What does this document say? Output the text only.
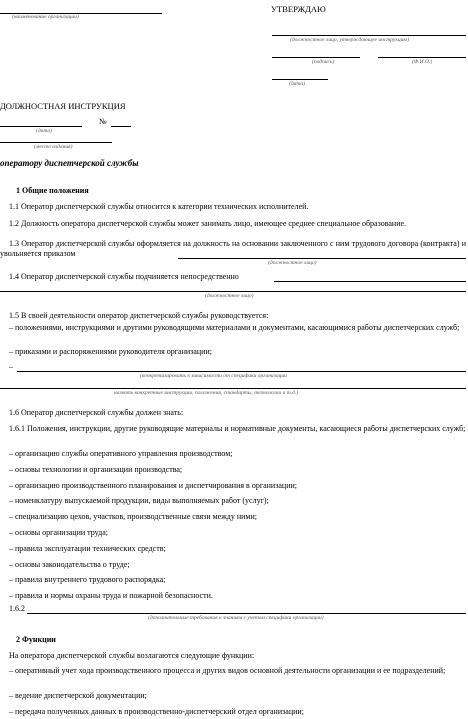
(наименование организации)
УТВЕРЖДАЮ
(должностное лицо, утверждающее инструкцию)
(подпись)	(Ф.И.О.)
(дата)
ДОЛЖНОСТНАЯ ИНСТРУКЦИЯ
№
(дата)
(место издания)
оператору диспетчерской службы
1 Общие положения
1.1 Оператор диспетчерской службы относится к категории технических исполнителей.
1.2 Должность оператора диспетчерской службы может занимать лицо, имеющее среднее специальное образование.
1.3 Оператор диспетчерской службы оформляется на должность на основании заключенного с ним трудового договора (контракта) и увольняется приказом
(должностное лицо)
1.4 Оператор диспетчерской службы подчиняется непосредственно
(должностное лицо)
1.5 В своей деятельности оператор диспетчерской службы руководствуется:
– положениями, инструкциями и другими руководящими материалами и документами, касающимися работы диспетчерских служб;
– приказами и распоряжениями руководителя организации;
–
(конкретизировать в зависимости от специфики организации
назвать конкретные инструкции, положения, стандарты, технологии и т.д.)
1.6 Оператор диспетчерской службы должен знать:
1.6.1 Положения, инструкции, другие руководящие материалы и нормативные документы, касающиеся работы диспетчерских служб;
– организацию службы оперативного управления производством;
– основы технологии и организации производства;
– организацию производственного планирования и диспетчирования в организации;
– номенклатуру выпускаемой продукции, виды выполняемых работ (услуг);
– специализацию цехов, участков, производственные связи между ними;
– основы организации труда;
– правила эксплуатации технических средств;
– основы законодательства о труде;
– правила внутреннего трудового распорядка;
– правила и нормы охраны труда и пожарной безопасности.
1.6.2
(дополнительные требования к знаниям с учетом специфики организации)
2 Функции
На оператора диспетчерской службы возлагаются следующие функции:
– оперативный учет хода производственного процесса и других видов основной деятельности организации и ее подразделений;
– ведение диспетчерской документации;
– передача полученных данных в производственно-диспетчерский отдел организации;
